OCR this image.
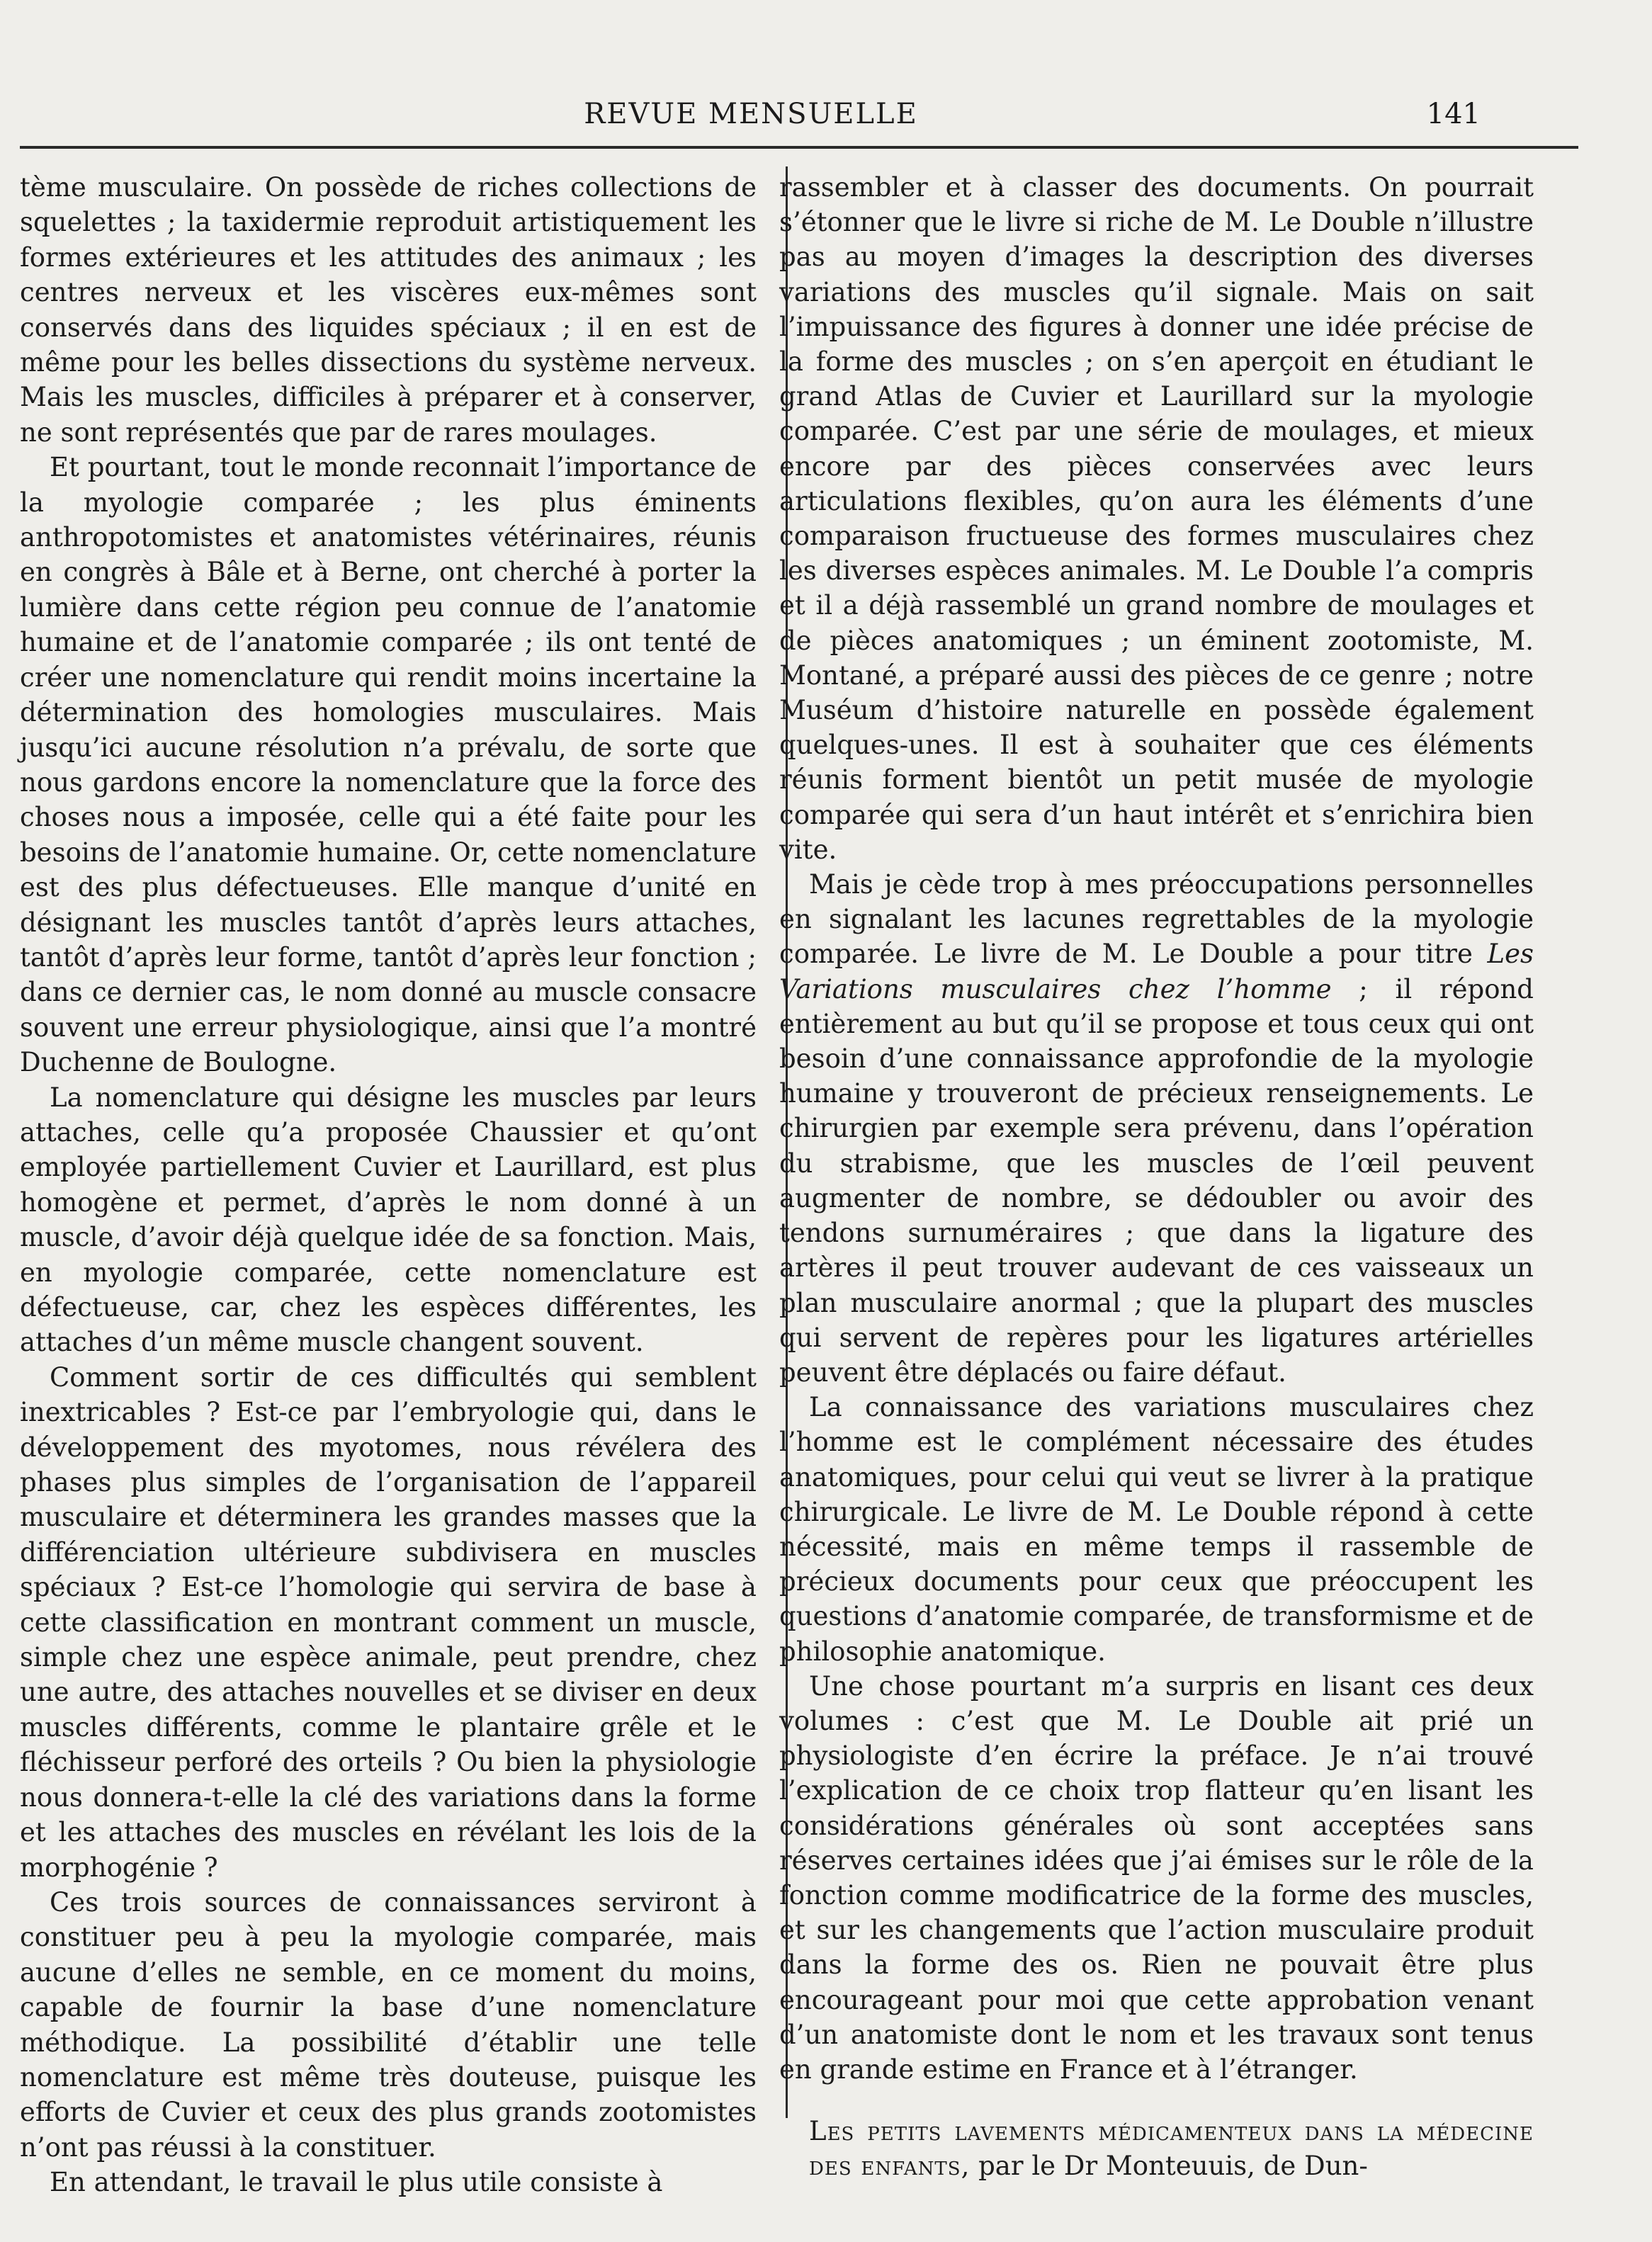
REVUE MENSUELLE	141

tème musculaire. On possède de riches collections de squelettes ; la taxidermie reproduit artistiquement les formes extérieures et les attitudes des animaux ; les centres nerveux et les viscères eux-mêmes sont conservés dans des liquides spéciaux ; il en est de même pour les belles dissections du système nerveux. Mais les muscles, difficiles à préparer et à conserver, ne sont représentés que par de rares moulages.

Et pourtant, tout le monde reconnait l’importance de la myologie comparée ; les plus éminents anthropotomistes et anatomistes vétérinaires, réunis en congrès à Bâle et à Berne, ont cherché à porter la lumière dans cette région peu connue de l’anatomie humaine et de l’anatomie comparée ; ils ont tenté de créer une nomenclature qui rendit moins incertaine la détermination des homologies musculaires. Mais jusqu’ici aucune résolution n’a prévalu, de sorte que nous gardons encore la nomenclature que la force des choses nous a imposée, celle qui a été faite pour les besoins de l’anatomie humaine. Or, cette nomenclature est des plus défectueuses. Elle manque d’unité en désignant les muscles tantôt d’après leurs attaches, tantôt d’après leur forme, tantôt d’après leur fonction ; dans ce dernier cas, le nom donné au muscle consacre souvent une erreur physiologique, ainsi que l’a montré Duchenne de Boulogne.

La nomenclature qui désigne les muscles par leurs attaches, celle qu’a proposée Chaussier et qu’ont employée partiellement Cuvier et Laurillard, est plus homogène et permet, d’après le nom donné à un muscle, d’avoir déjà quelque idée de sa fonction. Mais, en myologie comparée, cette nomenclature est défectueuse, car, chez les espèces différentes, les attaches d’un même muscle changent souvent.

Comment sortir de ces difficultés qui semblent inextricables ? Est-ce par l’embryologie qui, dans le développement des myotomes, nous révélera des phases plus simples de l’organisation de l’appareil musculaire et déterminera les grandes masses que la différenciation ultérieure subdivisera en muscles spéciaux ? Est-ce l’homologie qui servira de base à cette classification en montrant comment un muscle, simple chez une espèce animale, peut prendre, chez une autre, des attaches nouvelles et se diviser en deux muscles différents, comme le plantaire grêle et le fléchisseur perforé des orteils ? Ou bien la physiologie nous donnera-t-elle la clé des variations dans la forme et les attaches des muscles en révélant les lois de la morphogénie ?

Ces trois sources de connaissances serviront à constituer peu à peu la myologie comparée, mais aucune d’elles ne semble, en ce moment du moins, capable de fournir la base d’une nomenclature méthodique. La possibilité d’établir une telle nomenclature est même très douteuse, puisque les efforts de Cuvier et ceux des plus grands zootomistes n’ont pas réussi à la constituer.

En attendant, le travail le plus utile consiste à

rassembler et à classer des documents. On pourrait s’étonner que le livre si riche de M. Le Double n’illustre pas au moyen d’images la description des diverses variations des muscles qu’il signale. Mais on sait l’impuissance des figures à donner une idée précise de la forme des muscles ; on s’en aperçoit en étudiant le grand Atlas de Cuvier et Laurillard sur la myologie comparée. C’est par une série de moulages, et mieux encore par des pièces conservées avec leurs articulations flexibles, qu’on aura les éléments d’une comparaison fructueuse des formes musculaires chez les diverses espèces animales. M. Le Double l’a compris et il a déjà rassemblé un grand nombre de moulages et de pièces anatomiques ; un éminent zootomiste, M. Montané, a préparé aussi des pièces de ce genre ; notre Muséum d’histoire naturelle en possède également quelques-unes. Il est à souhaiter que ces éléments réunis forment bientôt un petit musée de myologie comparée qui sera d’un haut intérêt et s’enrichira bien vite.

Mais je cède trop à mes préoccupations personnelles en signalant les lacunes regrettables de la myologie comparée. Le livre de M. Le Double a pour titre Les Variations musculaires chez l’homme ; il répond entièrement au but qu’il se propose et tous ceux qui ont besoin d’une connaissance approfondie de la myologie humaine y trouveront de précieux renseignements. Le chirurgien par exemple sera prévenu, dans l’opération du strabisme, que les muscles de l’œil peuvent augmenter de nombre, se dédoubler ou avoir des tendons surnuméraires ; que dans la ligature des artères il peut trouver audevant de ces vaisseaux un plan musculaire anormal ; que la plupart des muscles qui servent de repères pour les ligatures artérielles peuvent être déplacés ou faire défaut.

La connaissance des variations musculaires chez l’homme est le complément nécessaire des études anatomiques, pour celui qui veut se livrer à la pratique chirurgicale. Le livre de M. Le Double répond à cette nécessité, mais en même temps il rassemble de précieux documents pour ceux que préoccupent les questions d’anatomie comparée, de transformisme et de philosophie anatomique.

Une chose pourtant m’a surpris en lisant ces deux volumes : c’est que M. Le Double ait prié un physiologiste d’en écrire la préface. Je n’ai trouvé l’explication de ce choix trop flatteur qu’en lisant les considérations générales où sont acceptées sans réserves certaines idées que j’ai émises sur le rôle de la fonction comme modificatrice de la forme des muscles, et sur les changements que l’action musculaire produit dans la forme des os. Rien ne pouvait être plus encourageant pour moi que cette approbation venant d’un anatomiste dont le nom et les travaux sont tenus en grande estime en France et à l’étranger.

Les petits lavements médicamenteux dans la médecine des enfants, par le Dr Monteuuis, de Dun-
